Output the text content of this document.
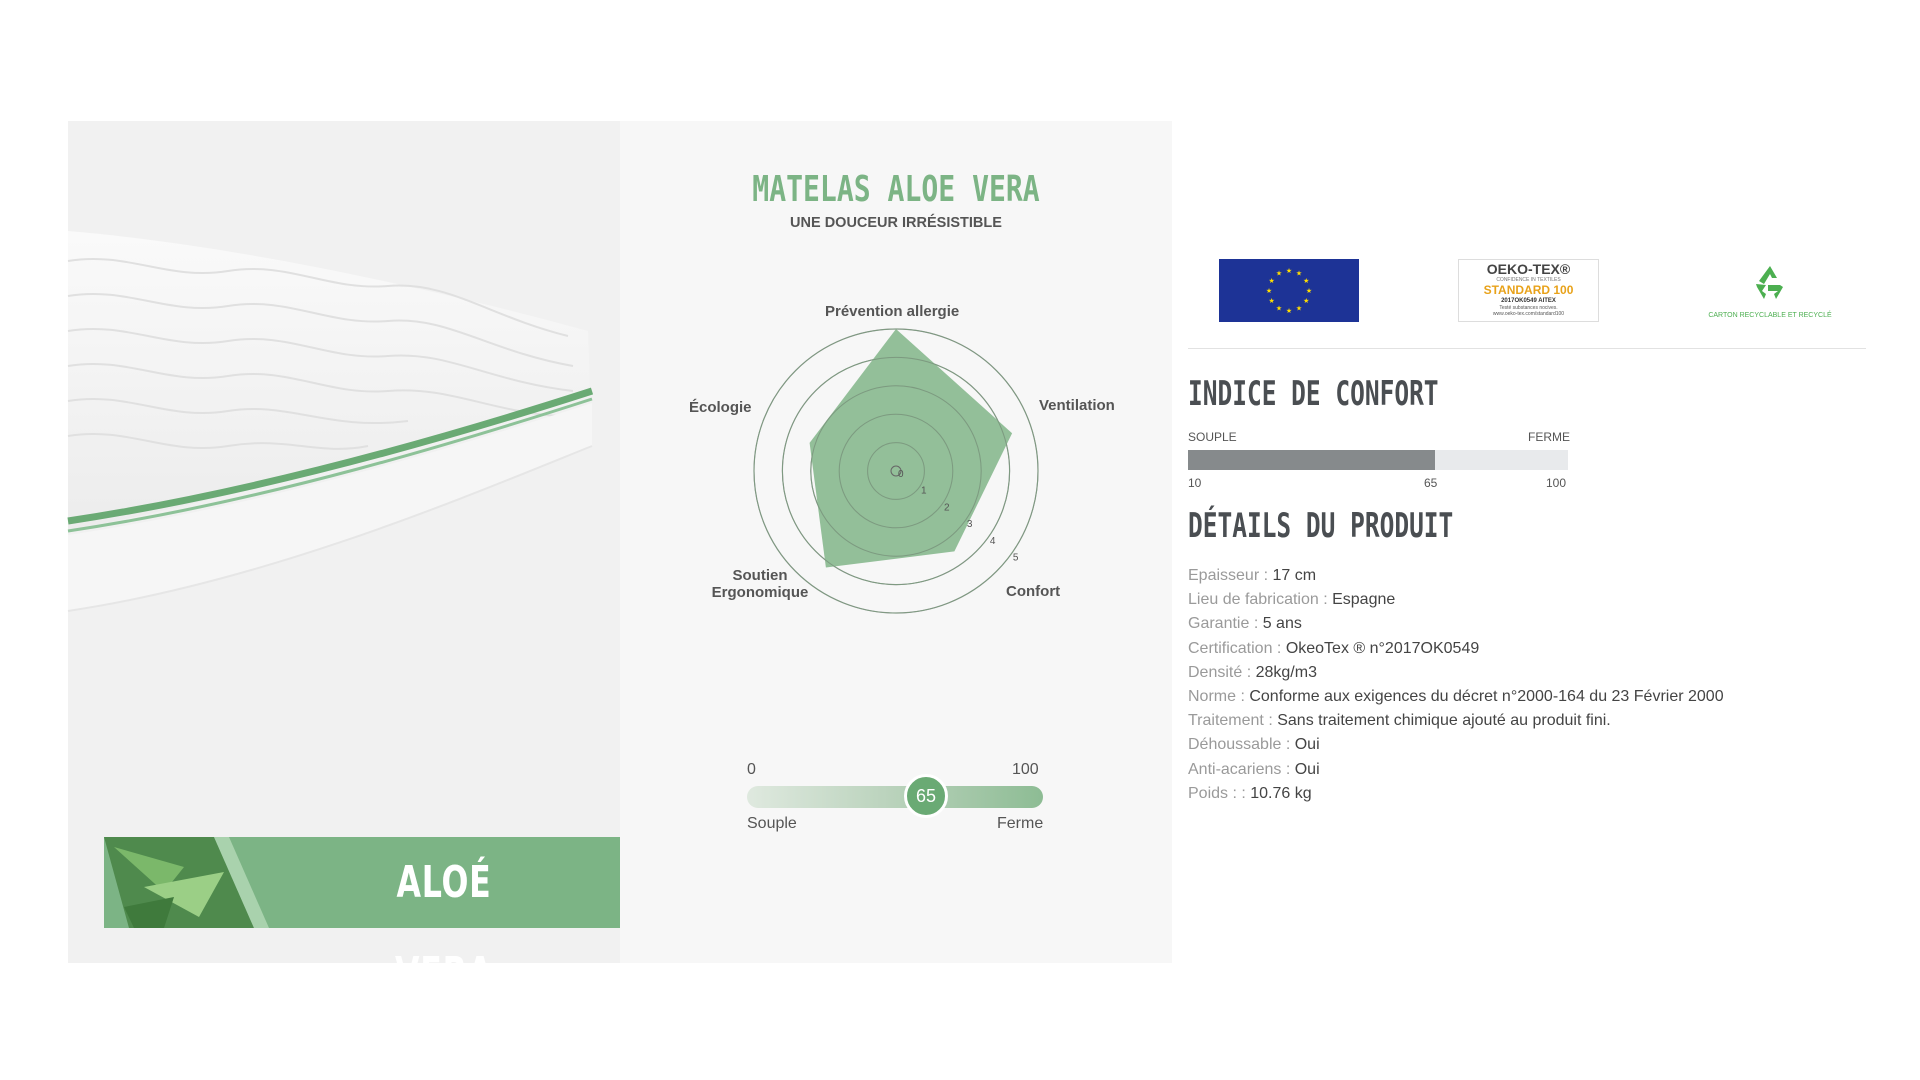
ALOÉ VERA
MATELAS ALOE VERA
UNE DOUCEUR IRRÉSISTIBLE
0
1
2
3
4
5
Prévention allergie
Ventilation
Confort
Soutien
Ergonomique
Écologie
0	100
65
Souple	Ferme
★
★
★
★
★
★
★
★
★ ★ ★
★
OEKO-TEX®
CONFIDENCE IN TEXTILES
STANDARD 100
2017OK0549 AITEX
Testé substances nocives.
www.oeko-tex.com/standard100	CARTON RECYCLABLE ET RECYCLÉ
INDICE DE CONFORT
SOUPLE	FERME
10	65	100
DÉTAILS DU PRODUIT
Epaisseur : 17 cm
Lieu de fabrication : Espagne
Garantie : 5 ans
Certification : OkeoTex ® n°2017OK0549
Densité : 28kg/m3
Norme : Conforme aux exigences du décret n°2000-164 du 23 Février 2000
Traitement : Sans traitement chimique ajouté au produit fini.
Déhoussable : Oui
Anti-acariens : Oui
Poids : : 10.76 kg
